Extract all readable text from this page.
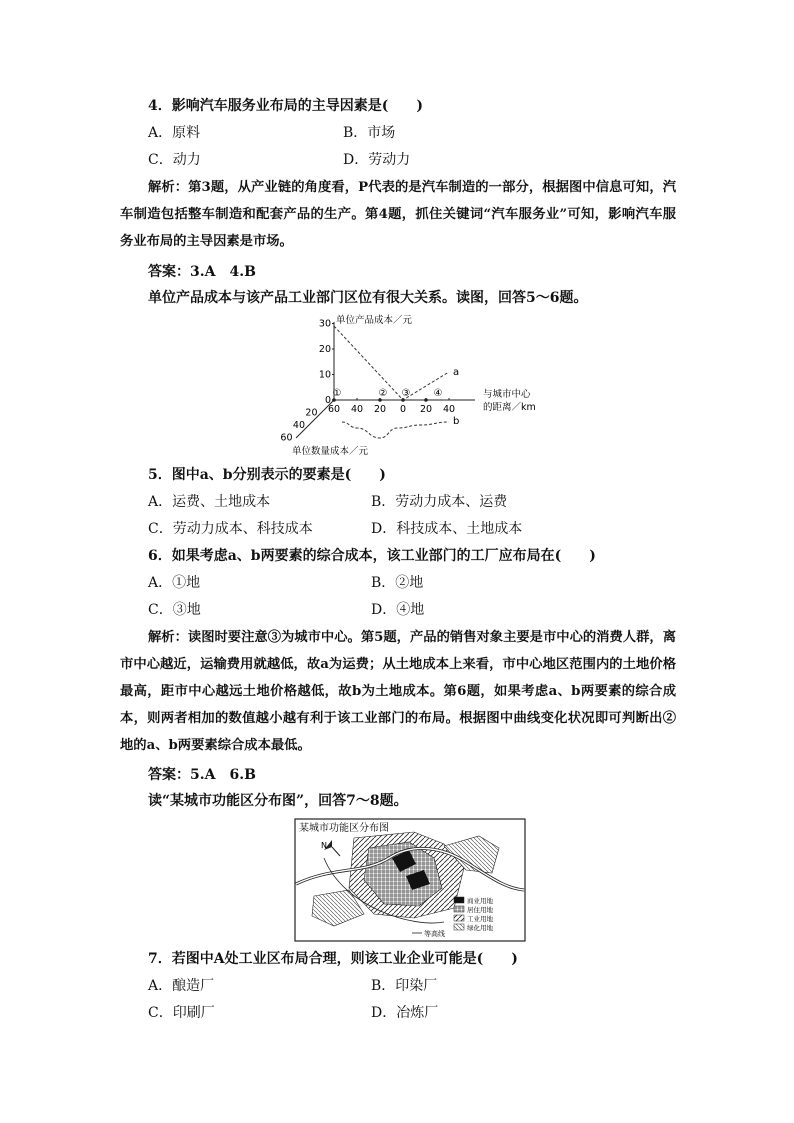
4．影响汽车服务业布局的主导因素是(　　)
A．原料	B．市场
C．动力	D．劳动力
解析：第3题，从产业链的角度看，P代表的是汽车制造的一部分，根据图中信息可知，汽车制造包括整车制造和配套产品的生产。第4题，抓住关键词“汽车服务业”可知，影响汽车服务业布局的主导因素是市场。
答案：3.A　4.B
单位产品成本与该产品工业部门区位有很大关系。读图，回答5～6题。
单位产品成本／元
与城市中心
的距离／km
单位数量成本／元
30
20
10
0
60 40 20 0 20 40
20
40
60
①	② ③ ④
a
b
5．图中a、b分别表示的要素是(　　)
A．运费、土地成本	B．劳动力成本、运费
C．劳动力成本、科技成本	D．科技成本、土地成本
6．如果考虑a、b两要素的综合成本，该工业部门的工厂应布局在(　　)
A．①地	B．②地
C．③地	D．④地
解析：读图时要注意③为城市中心。第5题，产品的销售对象主要是市中心的消费人群，离市中心越近，运输费用就越低，故a为运费；从土地成本上来看，市中心地区范围内的土地价格最高，距市中心越远土地价格越低，故b为土地成本。第6题，如果考虑a、b两要素的综合成本，则两者相加的数值越小越有利于该工业部门的布局。根据图中曲线变化状况即可判断出②地的a、b两要素综合成本最低。
答案：5.A　6.B
读“某城市功能区分布图”，回答7～8题。
某城市功能区分布图
N
等高线
商业用地
居住用地
工业用地
绿化用地
7．若图中A处工业区布局合理，则该工业企业可能是(　　)
A．酿造厂	B．印染厂
C．印刷厂	D．冶炼厂
